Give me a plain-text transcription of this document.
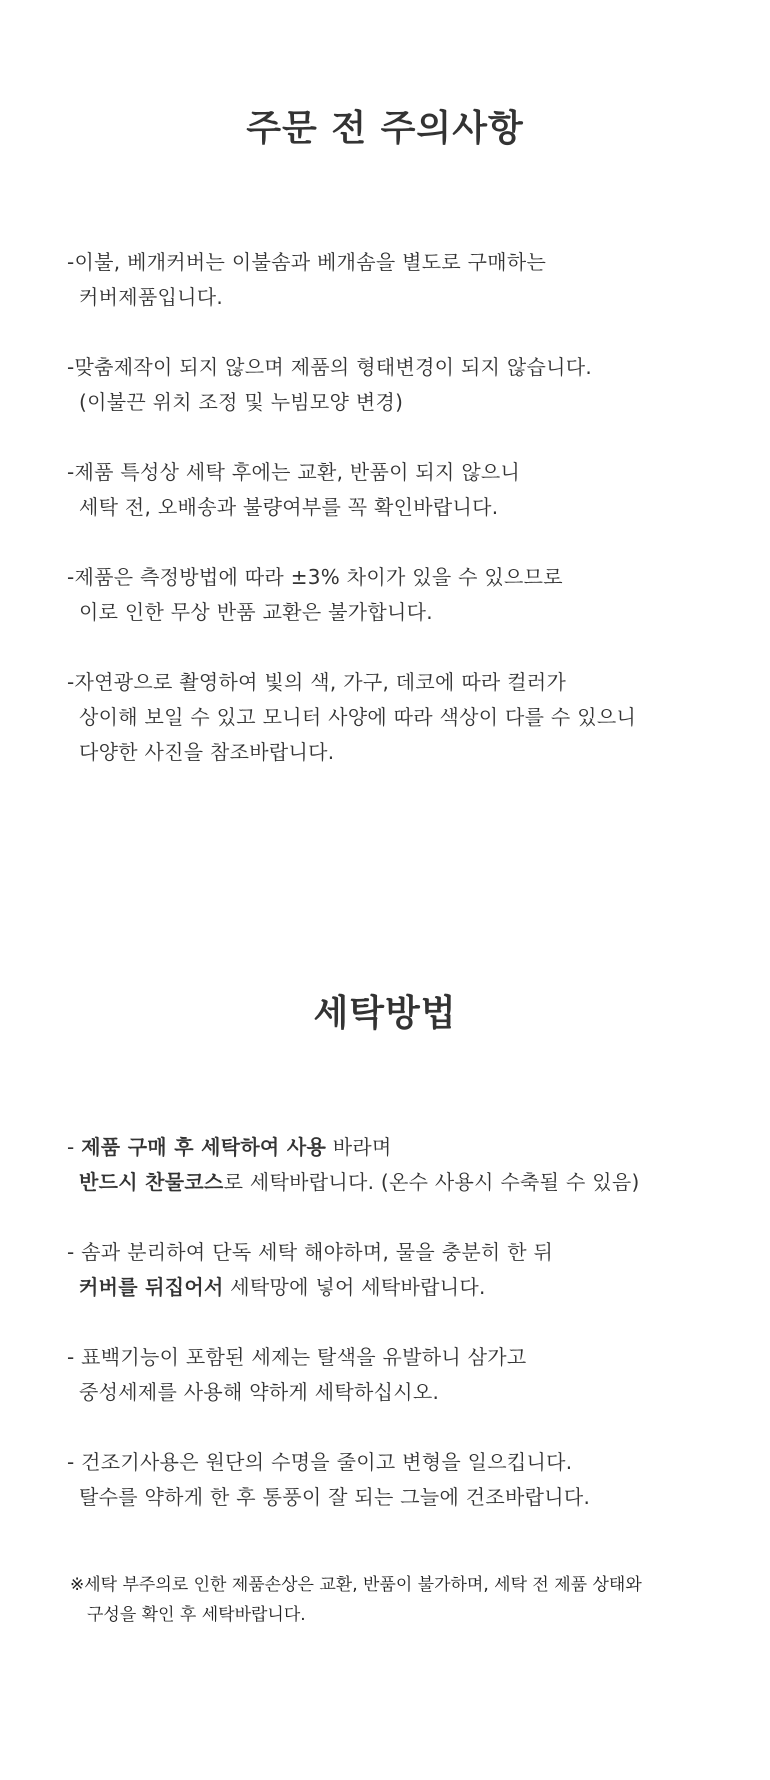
주문 전 주의사항
-이불, 베개커버는 이불솜과 베개솜을 별도로 구매하는
커버제품입니다.
-맞춤제작이 되지 않으며 제품의 형태변경이 되지 않습니다.
(이불끈 위치 조정 및 누빔모양 변경)
-제품 특성상 세탁 후에는 교환, 반품이 되지 않으니
세탁 전, 오배송과 불량여부를 꼭 확인바랍니다.
-제품은 측정방법에 따라 ±3% 차이가 있을 수 있으므로
이로 인한 무상 반품 교환은 불가합니다.
-자연광으로 촬영하여 빛의 색, 가구, 데코에 따라 컬러가
상이해 보일 수 있고 모니터 사양에 따라 색상이 다를 수 있으니
다양한 사진을 참조바랍니다.
세탁방법
- 제품 구매 후 세탁하여 사용 바라며
반드시 찬물코스로 세탁바랍니다. (온수 사용시 수축될 수 있음)
- 솜과 분리하여 단독 세탁 해야하며, 물을 충분히 한 뒤
커버를 뒤집어서 세탁망에 넣어 세탁바랍니다.
- 표백기능이 포함된 세제는 탈색을 유발하니 삼가고
중성세제를 사용해 약하게 세탁하십시오.
- 건조기사용은 원단의 수명을 줄이고 변형을 일으킵니다.
탈수를 약하게 한 후 통풍이 잘 되는 그늘에 건조바랍니다.
※세탁 부주의로 인한 제품손상은 교환, 반품이 불가하며, 세탁 전 제품 상태와
구성을 확인 후 세탁바랍니다.
